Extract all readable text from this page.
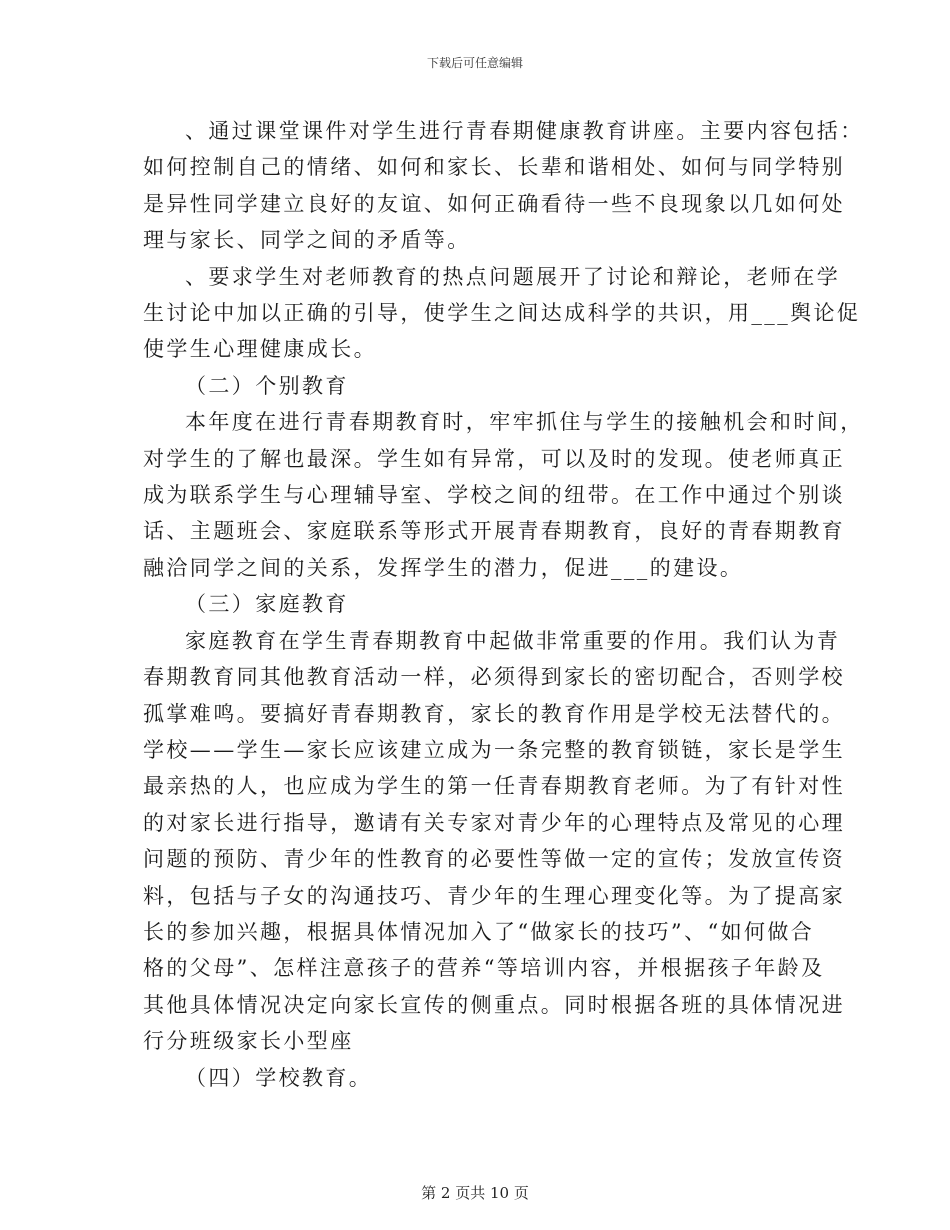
下载后可任意编辑
、通过课堂课件对学生进行青春期健康教育讲座。主要内容包括：
如何控制自己的情绪、如何和家长、长辈和谐相处、如何与同学特别
是异性同学建立良好的友谊、如何正确看待一些不良现象以几如何处
理与家长、同学之间的矛盾等。
、要求学生对老师教育的热点问题展开了讨论和辩论，老师在学
生讨论中加以正确的引导，使学生之间达成科学的共识，用___舆论促
使学生心理健康成长。
（二）个别教育
本年度在进行青春期教育时，牢牢抓住与学生的接触机会和时间，
对学生的了解也最深。学生如有异常，可以及时的发现。使老师真正
成为联系学生与心理辅导室、学校之间的纽带。在工作中通过个别谈
话、主题班会、家庭联系等形式开展青春期教育，良好的青春期教育
融洽同学之间的关系，发挥学生的潜力，促进___的建设。
（三）家庭教育
家庭教育在学生青春期教育中起做非常重要的作用。我们认为青
春期教育同其他教育活动一样，必须得到家长的密切配合，否则学校
孤掌难鸣。要搞好青春期教育，家长的教育作用是学校无法替代的。
学校——学生—家长应该建立成为一条完整的教育锁链，家长是学生
最亲热的人，也应成为学生的第一任青春期教育老师。为了有针对性
的对家长进行指导，邀请有关专家对青少年的心理特点及常见的心理
问题的预防、青少年的性教育的必要性等做一定的宣传；发放宣传资
料，包括与子女的沟通技巧、青少年的生理心理变化等。为了提高家
长的参加兴趣，根据具体情况加入了“做家长的技巧”、“如何做合
格的父母”、怎样注意孩子的营养“等培训内容，并根据孩子年龄及
其他具体情况决定向家长宣传的侧重点。同时根据各班的具体情况进
行分班级家长小型座
（四）学校教育。
第 2 页共 10 页
